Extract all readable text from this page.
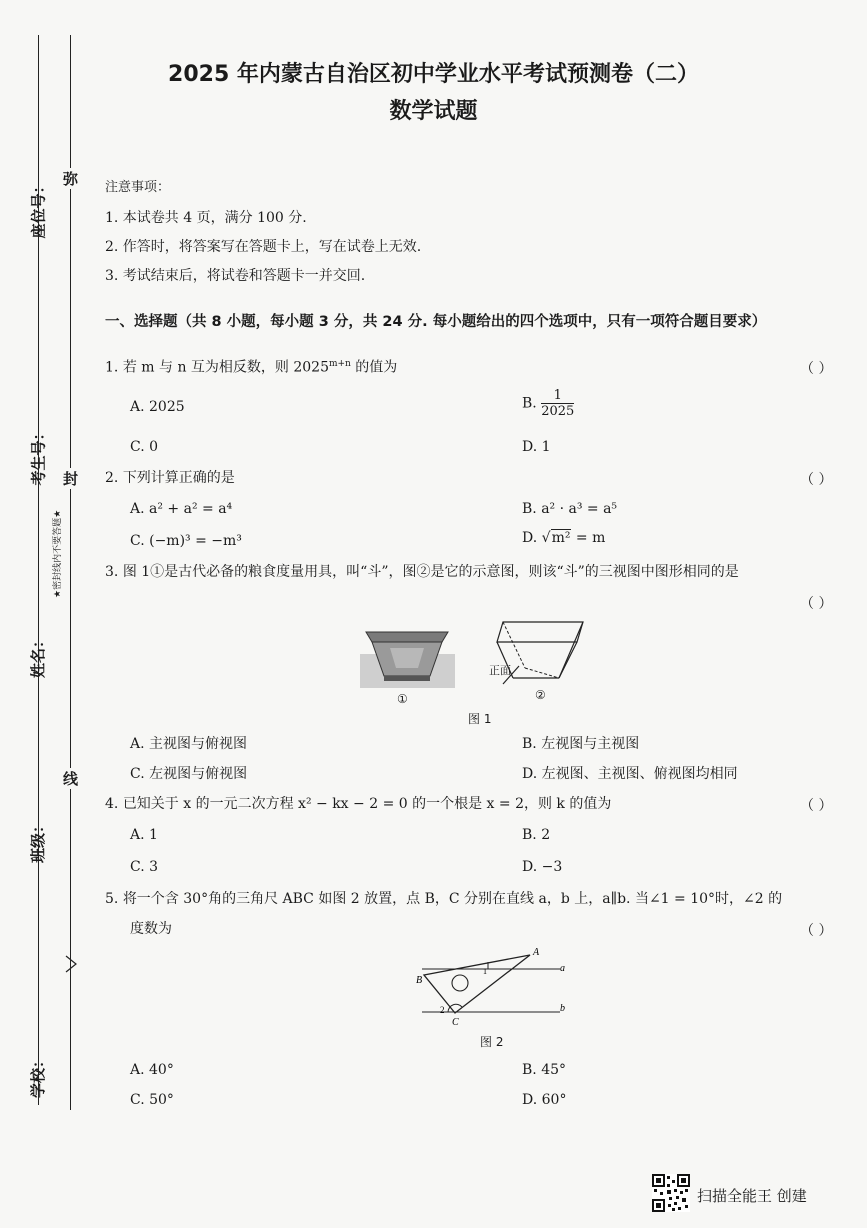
2025 年内蒙古自治区初中学业水平考试预测卷（二）
数学试题
座位号：
考生号：
姓名：
班级：
学校：
弥
封
线
★密封线内不要答题★
注意事项：
1. 本试卷共 4 页，满分 100 分.
2. 作答时，将答案写在答题卡上，写在试卷上无效.
3. 考试结束后，将试卷和答题卡一并交回.
一、选择题（共 8 小题，每小题 3 分，共 24 分. 每小题给出的四个选项中，只有一项符合题目要求）
1. 若 m 与 n 互为相反数，则 $2025^{m+n}$ 的值为	（ ）
A. 2025	B. $\frac{1}{2025}$
C. 0	D. 1
2. 下列计算正确的是	（ ）
A. a² + a² = a⁴	B. a² · a³ = a⁵
C. (−m)³ = −m³	D. √m² = m
3. 图 1①是古代必备的粮食度量用具，叫“斗”，图②是它的示意图，则该“斗”的三视图中图形相同的是
（ ）
①
正面
②
图 1
A. 主视图与俯视图	B. 左视图与主视图
C. 左视图与俯视图	D. 左视图、主视图、俯视图均相同
4. 已知关于 x 的一元二次方程 x² − kx − 2 = 0 的一个根是 x = 2，则 k 的值为	（ ）
A. 1	B. 2
C. 3	D. −3
5. 将一个含 30°角的三角尺 ABC 如图 2 放置，点 B，C 分别在直线 a，b 上，a∥b. 当∠1 = 10°时，∠2 的
度数为	（ ）
A
B
C
a
b
1
2
图 2
A. 40°	B. 45°
C. 50°	D. 60°
扫描全能王 创建
